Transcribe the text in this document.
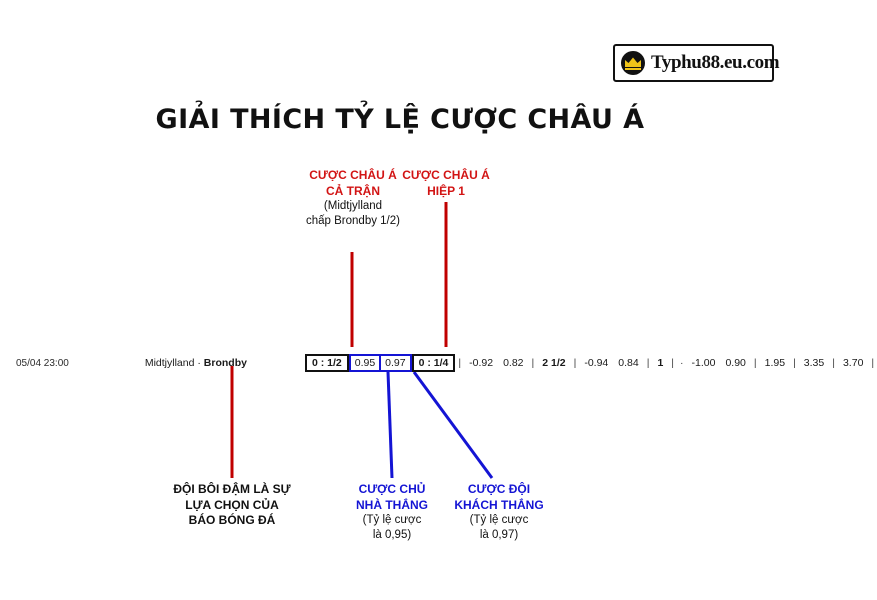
Typhu88.eu.com
GIẢI THÍCH TỶ LỆ CƯỢC CHÂU Á
05/04 23:00	Midtjylland · Brondby	0 : 1/2	0.95 0.97	0 : 1/4 | -0.92 0.82 | 2 1/2 | -0.94 0.84 | 1 | · -1.00 0.90 | 1.95 | 3.35 | 3.70 |
CƯỢC CHÂU Á
CẢ TRẬN
(Midtjylland
chấp Brondby 1/2)
CƯỢC CHÂU Á
HIỆP 1
ĐỘI BÔI ĐẬM LÀ SỰ
LỰA CHỌN CỦA
BÁO BÓNG ĐÁ
CƯỢC CHỦ
NHÀ THẮNG
(Tỷ lệ cược
là 0,95)
CƯỢC ĐỘI
KHÁCH THẮNG
(Tỷ lệ cược
là 0,97)
